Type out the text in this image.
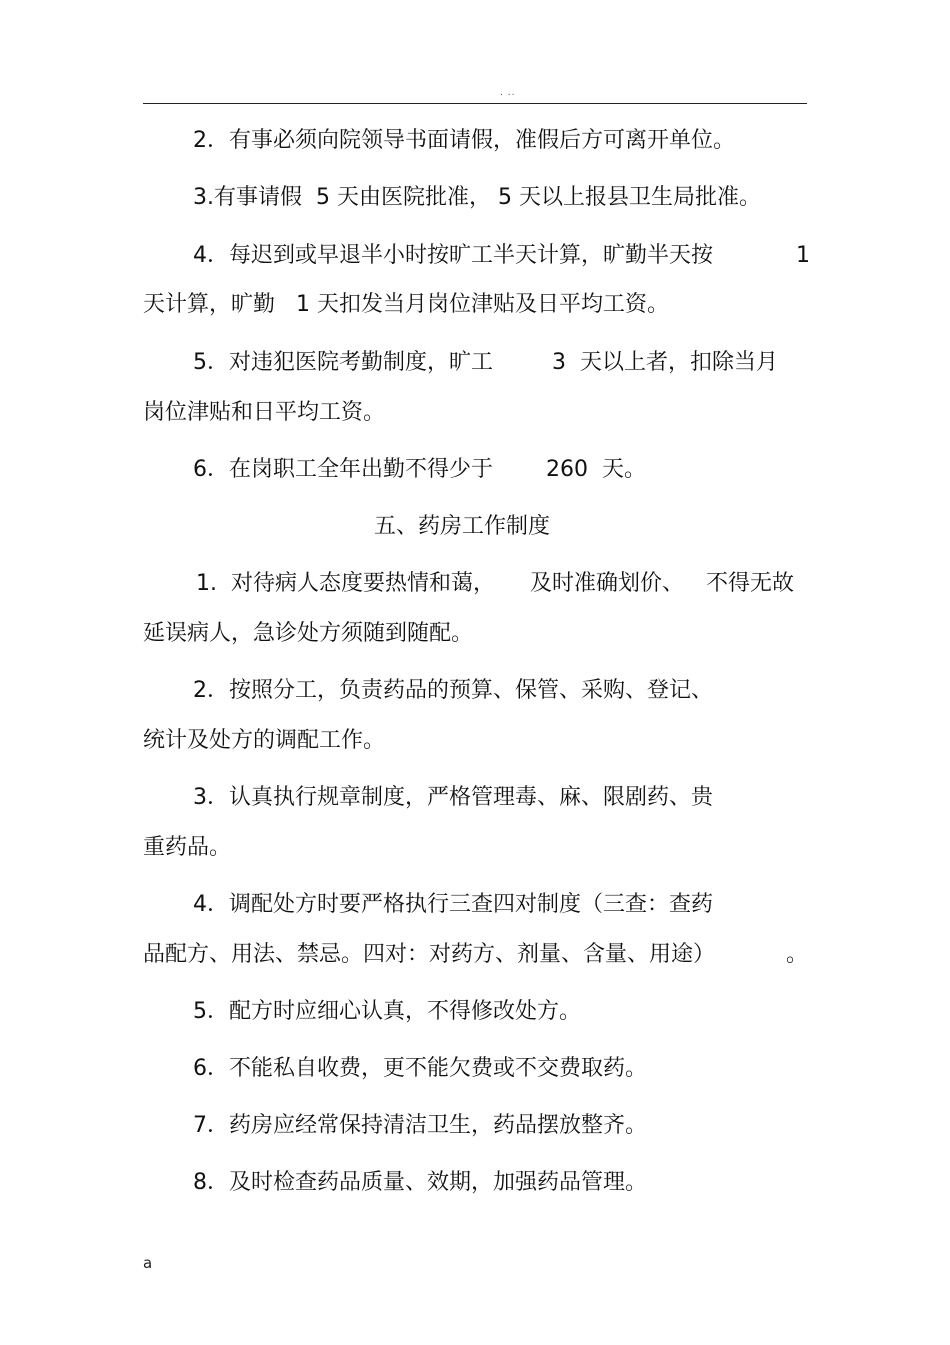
. ..
2．有事必须向院领导书面请假，准假后方可离开单位。
3.有事请假  5 天由医院批准， 5 天以上报县卫生局批准。
4．每迟到或早退半小时按旷工半天计算，旷勤半天按	1
天计算，旷勤   1 天扣发当月岗位津贴及日平均工资。
5．对违犯医院考勤制度，旷工	3  天以上者，扣除当月
岗位津贴和日平均工资。
6．在岗职工全年出勤不得少于 260  天。
五、药房工作制度
1.  对待病人态度要热情和蔼， 及时准确划价、 不得无故
延误病人，急诊处方须随到随配。
2．按照分工，负责药品的预算、保管、采购、登记、
统计及处方的调配工作。
3．认真执行规章制度，严格管理毒、麻、限剧药、贵
重药品。
4．调配处方时要严格执行三查四对制度（三查：查药
品配方、用法、禁忌。四对：对药方、剂量、含量、用途）	。
5．配方时应细心认真，不得修改处方。
6．不能私自收费，更不能欠费或不交费取药。
7．药房应经常保持清洁卫生，药品摆放整齐。
8．及时检查药品质量、效期，加强药品管理。
a
